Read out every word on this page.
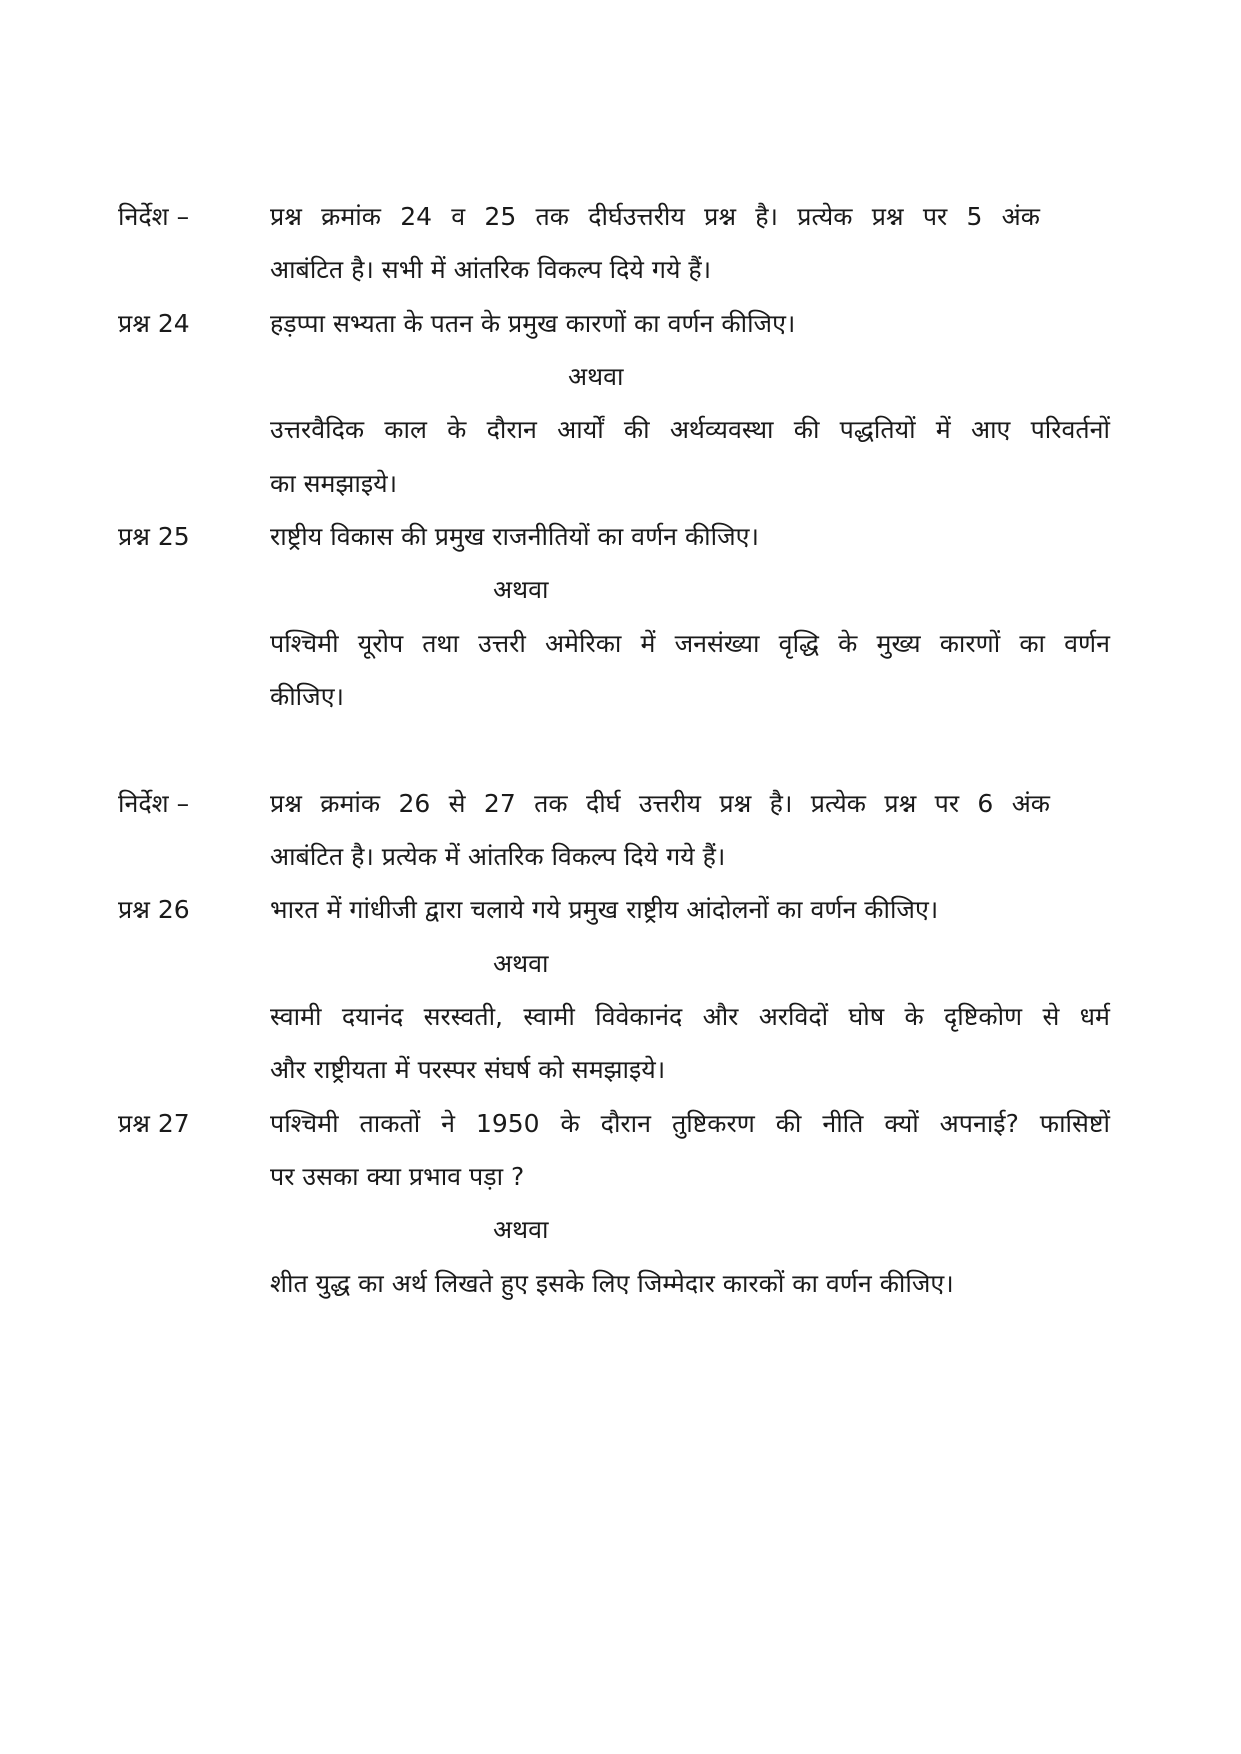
निर्देश –	प्रश्न क्रमांक 24 व 25 तक दीर्घउत्तरीय प्रश्न है। प्रत्येक प्रश्न पर 5 अंक
आबंटित है। सभी में आंतरिक विकल्प दिये गये हैं।
प्रश्न 24	हड़प्पा सभ्यता के पतन के प्रमुख कारणों का वर्णन कीजिए।
अथवा
उत्तरवैदिक काल के दौरान आर्यों की अर्थव्यवस्था की पद्धतियों में आए परिवर्तनों
का समझाइये।
प्रश्न 25	राष्ट्रीय विकास की प्रमुख राजनीतियों का वर्णन कीजिए।
अथवा
पश्चिमी यूरोप तथा उत्तरी अमेरिका में जनसंख्या वृद्धि के मुख्य कारणों का वर्णन
कीजिए।
निर्देश –	प्रश्न क्रमांक 26 से 27 तक दीर्घ उत्तरीय प्रश्न है। प्रत्येक प्रश्न पर 6 अंक
आबंटित है। प्रत्येक में आंतरिक विकल्प दिये गये हैं।
प्रश्न 26	भारत में गांधीजी द्वारा चलाये गये प्रमुख राष्ट्रीय आंदोलनों का वर्णन कीजिए।
अथवा
स्वामी दयानंद सरस्वती, स्वामी विवेकानंद और अरविदों घोष के दृष्टिकोण से धर्म
और राष्ट्रीयता में परस्पर संघर्ष को समझाइये।
प्रश्न 27	पश्चिमी ताकतों ने 1950 के दौरान तुष्टिकरण की नीति क्यों अपनाई? फासिष्टों
पर उसका क्या प्रभाव पड़ा ?
अथवा
शीत युद्ध का अर्थ लिखते हुए इसके लिए जिम्मेदार कारकों का वर्णन कीजिए।
